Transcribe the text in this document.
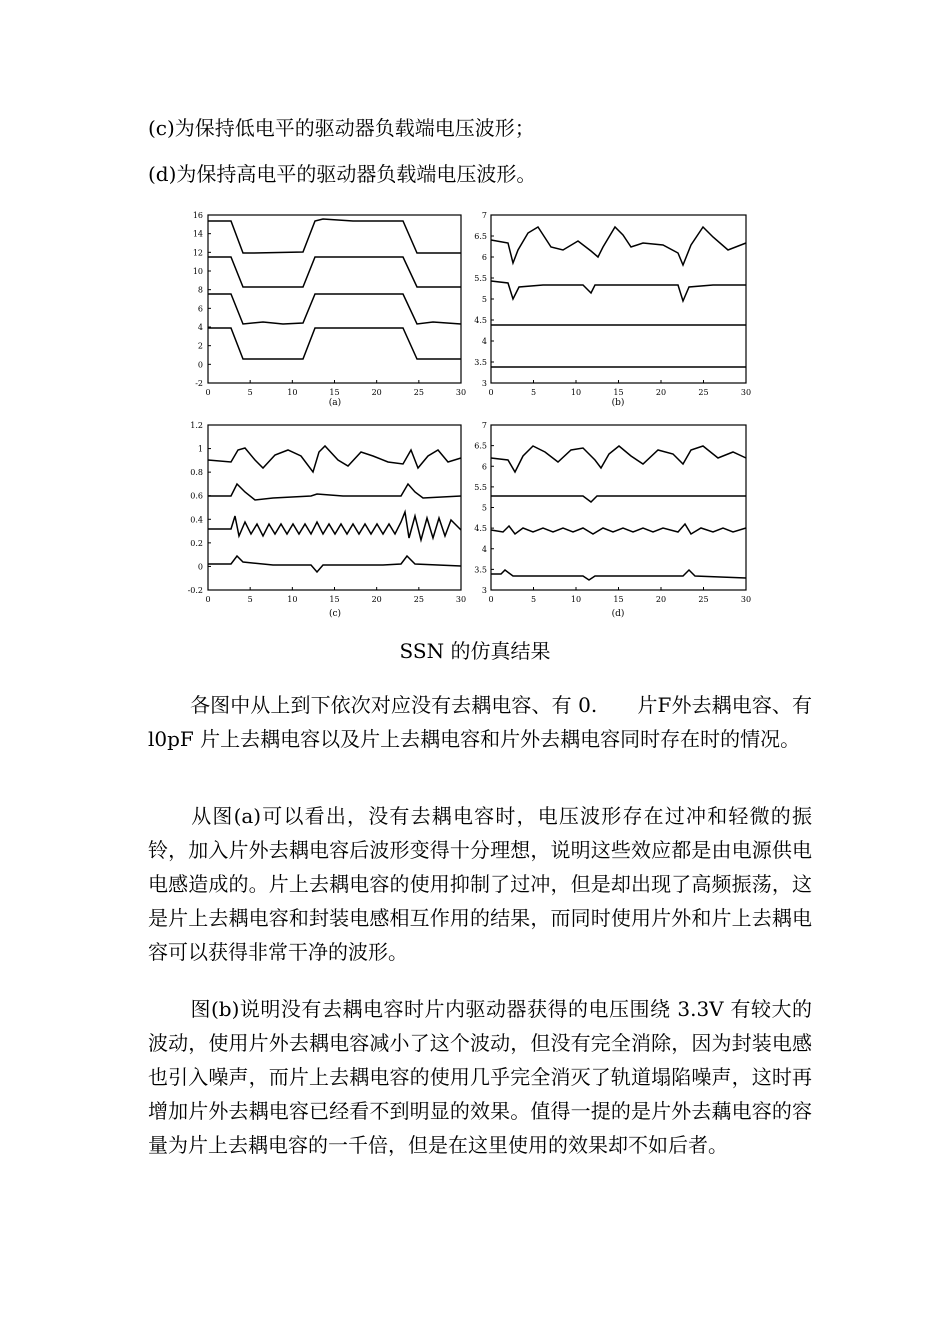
(c)为保持低电平的驱动器负载端电压波形；
(d)为保持高电平的驱动器负载端电压波形。
16
14
12
10
8
6
4
2
0
-2
0	5	10	15	20	25	30
(a)
7
6.5
6
5.5
5
4.5
4
3.5
3
0	5	10	15	20	25	30
(b)
1.2
1
0.8
0.6
0.4
0.2
0
-0.2
0	5	10	15	20	25	30
(c)
7
6.5
6
5.5
5
4.5
4
3.5
3
0	5	10	15	20	25	30
(d)
SSN 的仿真结果
各图中从上到下依次对应没有去耦电容、有 0.　　片F外去耦电容、有 l0pF 片上去耦电容以及片上去耦电容和片外去耦电容同时存在时的情况。
从图(a)可以看出，没有去耦电容时，电压波形存在过冲和轻微的振铃，加入片外去耦电容后波形变得十分理想，说明这些效应都是由电源供电电感造成的。片上去耦电容的使用抑制了过冲，但是却出现了高频振荡，这是片上去耦电容和封装电感相互作用的结果，而同时使用片外和片上去耦电容可以获得非常干净的波形。
图(b)说明没有去耦电容时片内驱动器获得的电压围绕 3.3V 有较大的波动，使用片外去耦电容减小了这个波动，但没有完全消除，因为封装电感也引入噪声，而片上去耦电容的使用几乎完全消灭了轨道塌陷噪声，这时再增加片外去耦电容已经看不到明显的效果。值得一提的是片外去藕电容的容量为片上去耦电容的一千倍，但是在这里使用的效果却不如后者。
